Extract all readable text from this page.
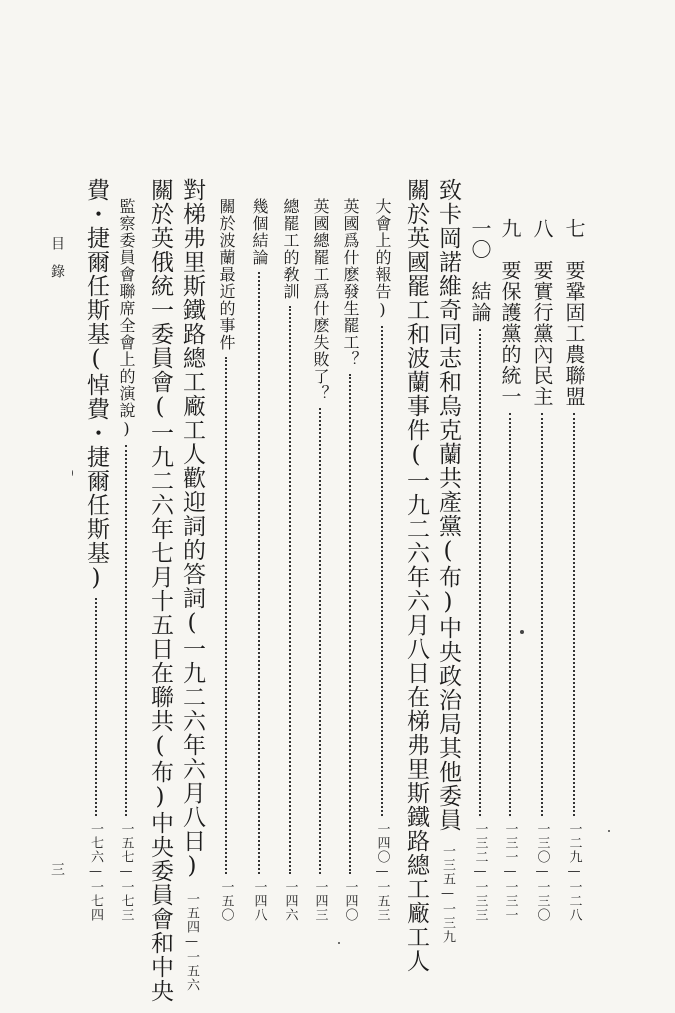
七　要鞏固工農聯盟
一二九—一二八
八　要實行黨內民主
一三〇—一三〇
九　要保護黨的統一
一三一—一三一
一〇　結論
一三二—一三三
致卡岡諾維奇同志和烏克蘭共產黨(布)中央政治局其他委員
一三五—一三九
關於英國罷工和波蘭事件(一九二六年六月八日在梯弗里斯鐵路總工廠工人
大會上的報告)
一四〇—一五三
英國爲什麽發生罷工？
一四〇
英國總罷工爲什麽失敗了？
一四三
總罷工的敎訓
一四六
幾個結論
一四八
關於波蘭最近的事件
一五〇
對梯弗里斯鐵路總工廠工人歡迎詞的答詞(一九二六年六月八日)
一五四—一五六
關於英俄統一委員會(一九二六年七月十五日在聯共(布)中央委員會和中央
監察委員會聯席全會上的演說)
一五七—一七三
費・捷爾任斯基(悼費・捷爾任斯基)
一七六—一七四
目　錄
三
